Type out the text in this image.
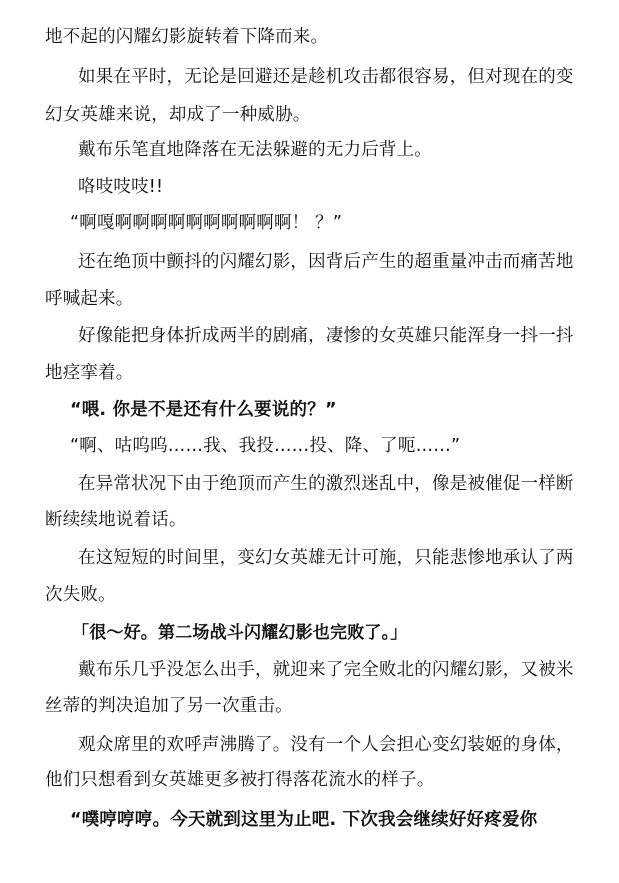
地不起的闪耀幻影旋转着下降而来。
如果在平时，无论是回避还是趁机攻击都很容易，但对现在的变
幻女英雄来说，却成了一种威胁。
戴布乐笔直地降落在无法躲避的无力后背上。
咯吱吱吱!!
“啊嘎啊啊啊啊啊啊啊啊啊啊！ ？”
还在绝顶中颤抖的闪耀幻影，因背后产生的超重量冲击而痛苦地
呼喊起来。
好像能把身体折成两半的剧痛，凄惨的女英雄只能浑身一抖一抖
地痉挛着。
“喂. 你是不是还有什么要说的？”
“啊、咕呜呜……我、我投……投、降、了呃……”
在异常状况下由于绝顶而产生的激烈迷乱中，像是被催促一样断
断续续地说着话。
在这短短的时间里，变幻女英雄无计可施，只能悲惨地承认了两
次失败。
「很～好。第二场战斗闪耀幻影也完败了。」
戴布乐几乎没怎么出手，就迎来了完全败北的闪耀幻影，又被米
丝蒂的判决追加了另一次重击。
观众席里的欢呼声沸腾了。没有一个人会担心变幻装姬的身体，
他们只想看到女英雄更多被打得落花流水的样子。
“噗哼哼哼。今天就到这里为止吧. 下次我会继续好好疼爱你
